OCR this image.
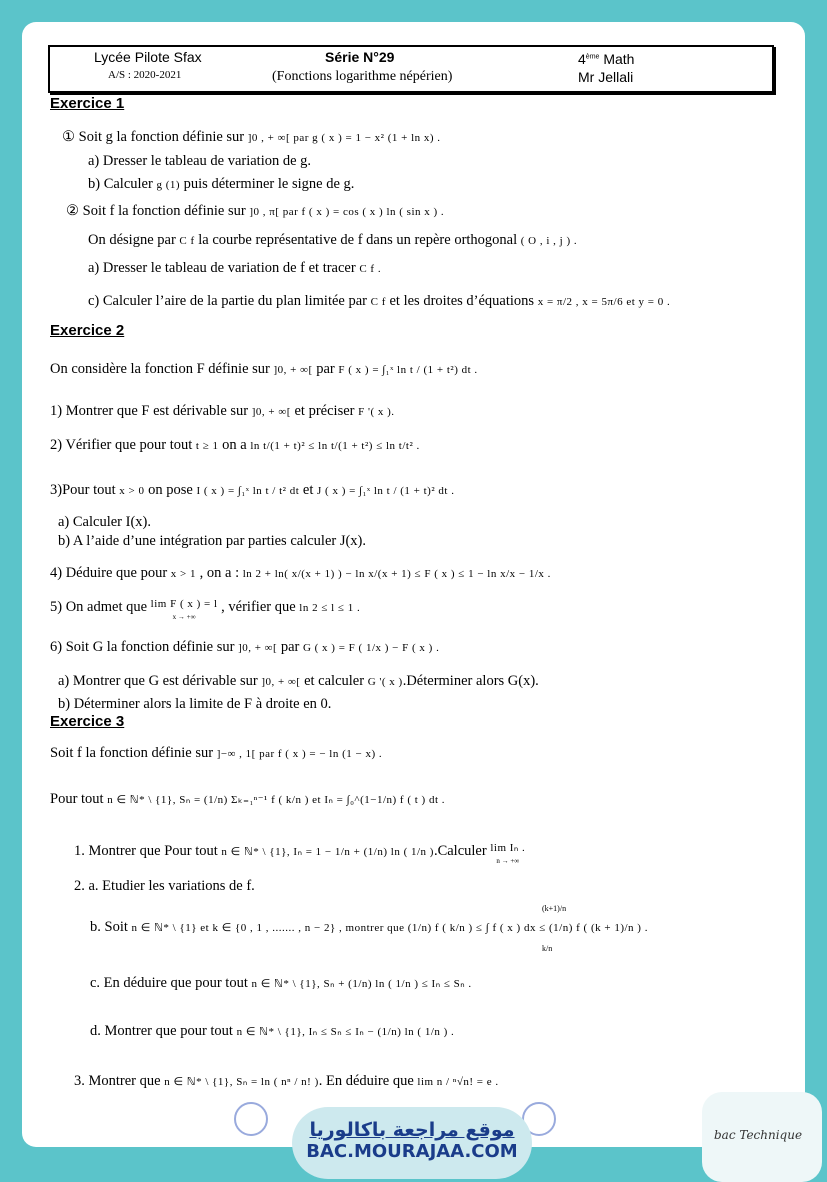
Lycée Pilote Sfax
A/S : 2020-2021
Série N°29
(Fonctions logarithme népérien)
4ème Math
Mr Jellali
Exercice 1
① Soit g la fonction définie sur ]0 , + ∞[ par g ( x ) = 1 − x² (1 + ln x) .
a) Dresser le tableau de variation de g.
b) Calculer g (1) puis déterminer le signe de g.
② Soit f la fonction définie sur ]0 , π[ par f ( x ) = cos ( x ) ln ( sin x ) .
On désigne par C f la courbe représentative de f dans un repère orthogonal ( O , i , j ) .
a) Dresser le tableau de variation de f et tracer C f .
c) Calculer l’aire de la partie du plan limitée par C f et les droites d’équations x = π/2 , x = 5π/6 et y = 0 .
Exercice 2
On considère la fonction F définie sur ]0, + ∞[ par F ( x ) = ∫₁ˣ ln t / (1 + t²) dt .
1) Montrer que F est dérivable sur ]0, + ∞[ et préciser F '( x ).
2) Vérifier que pour tout t ≥ 1 on a ln t/(1 + t)² ≤ ln t/(1 + t²) ≤ ln t/t² .
3)Pour tout x > 0 on pose I ( x ) = ∫₁ˣ ln t / t² dt et J ( x ) = ∫₁ˣ ln t / (1 + t)² dt .
a) Calculer I(x).
b) A l’aide d’une intégration par parties calculer J(x).
4) Déduire que pour x > 1 , on a : ln 2 + ln( x/(x + 1) ) − ln x/(x + 1) ≤ F ( x ) ≤ 1 − ln x/x − 1/x .
5) On admet que lim F ( x ) = l
x → +∞ , vérifier que ln 2 ≤ l ≤ 1 .
6) Soit G la fonction définie sur ]0, + ∞[ par G ( x ) = F ( 1/x ) − F ( x ) .
a) Montrer que G est dérivable sur ]0, + ∞[ et calculer G '( x ).Déterminer alors G(x).
b) Déterminer alors la limite de F à droite en 0.
Exercice 3
Soit f la fonction définie sur ]−∞ , 1[ par f ( x ) = − ln (1 − x) .
Pour tout n ∈ ℕ* \ {1}, Sₙ = (1/n) Σₖ₌₁ⁿ⁻¹ f ( k/n ) et Iₙ = ∫₀^(1−1/n) f ( t ) dt .
1. Montrer que Pour tout n ∈ ℕ* \ {1}, Iₙ = 1 − 1/n + (1/n) ln ( 1/n ).Calculer lim Iₙ .
n → +∞
2. a. Etudier les variations de f.
b. Soit n ∈ ℕ* \ {1} et k ∈ {0 , 1 , ....... , n − 2} , montrer que (1/n) f ( k/n ) ≤ ∫ f ( x ) dx ≤ (1/n) f ( (k + 1)/n ) .
(k+1)/n
k/n
c. En déduire que pour tout n ∈ ℕ* \ {1}, Sₙ + (1/n) ln ( 1/n ) ≤ Iₙ ≤ Sₙ .
d. Montrer que pour tout n ∈ ℕ* \ {1}, Iₙ ≤ Sₙ ≤ Iₙ − (1/n) ln ( 1/n ) .
3. Montrer que n ∈ ℕ* \ {1}, Sₙ = ln ( nⁿ / n! ). En déduire que lim n / ⁿ√n! = e .
موقع مراجعة باكالوريا
BAC.MOURAJAA.COM
bac Technique
